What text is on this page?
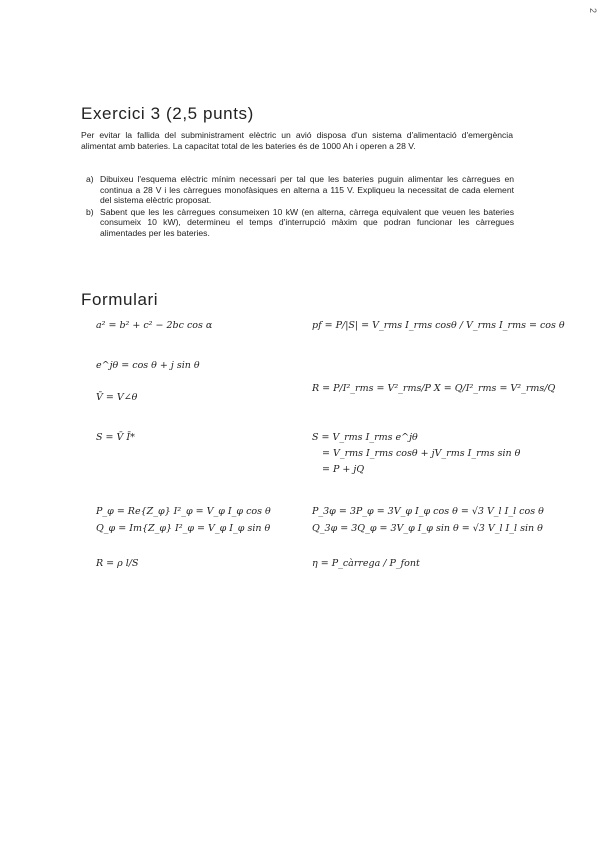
2
Exercici 3 (2,5 punts)

Per evitar la fallida del subministrament elèctric un avió disposa d'un sistema d'alimentació d'emergència alimentat amb bateries. La capacitat total de les bateries és de 1000 Ah i operen a 28 V.

a) Dibuixeu l'esquema elèctric mínim necessari per tal que les bateries puguin alimentar les càrregues en continua a 28 V i les càrregues monofàsiques en alterna a 115 V. Expliqueu la necessitat de cada element del sistema elèctric proposat.
b) Sabent que les les càrregues consumeixen 10 kW (en alterna, càrrega equivalent que veuen les bateries consumeix 10 kW), determineu el temps d'interrupció màxim que podran funcionar les càrregues alimentades per les bateries.
Formulari
a² = b² + c² − 2bc cos α	pf = P/|S| = V_rms I_rms cosθ / V_rms I_rms = cos θ
e^jθ = cos θ + j sin θ
V̄ = V∠θ
R = P/I²_rms = V²_rms/P X = Q/I²_rms = V²_rms/Q
S = V̄ Ī*	S = V_rms I_rms e^jθ
= V_rms I_rms cosθ + jV_rms I_rms sin θ
= P + jQ
P_φ = Re{Z_φ} I²_φ = V_φ I_φ cos θ
Q_φ = Im{Z_φ} I²_φ = V_φ I_φ sin θ
P_3φ = 3P_φ = 3V_φ I_φ cos θ = √3 V_l I_l cos θ
Q_3φ = 3Q_φ = 3V_φ I_φ sin θ = √3 V_l I_l sin θ
R = ρ l/S	η = P_càrrega / P_font
